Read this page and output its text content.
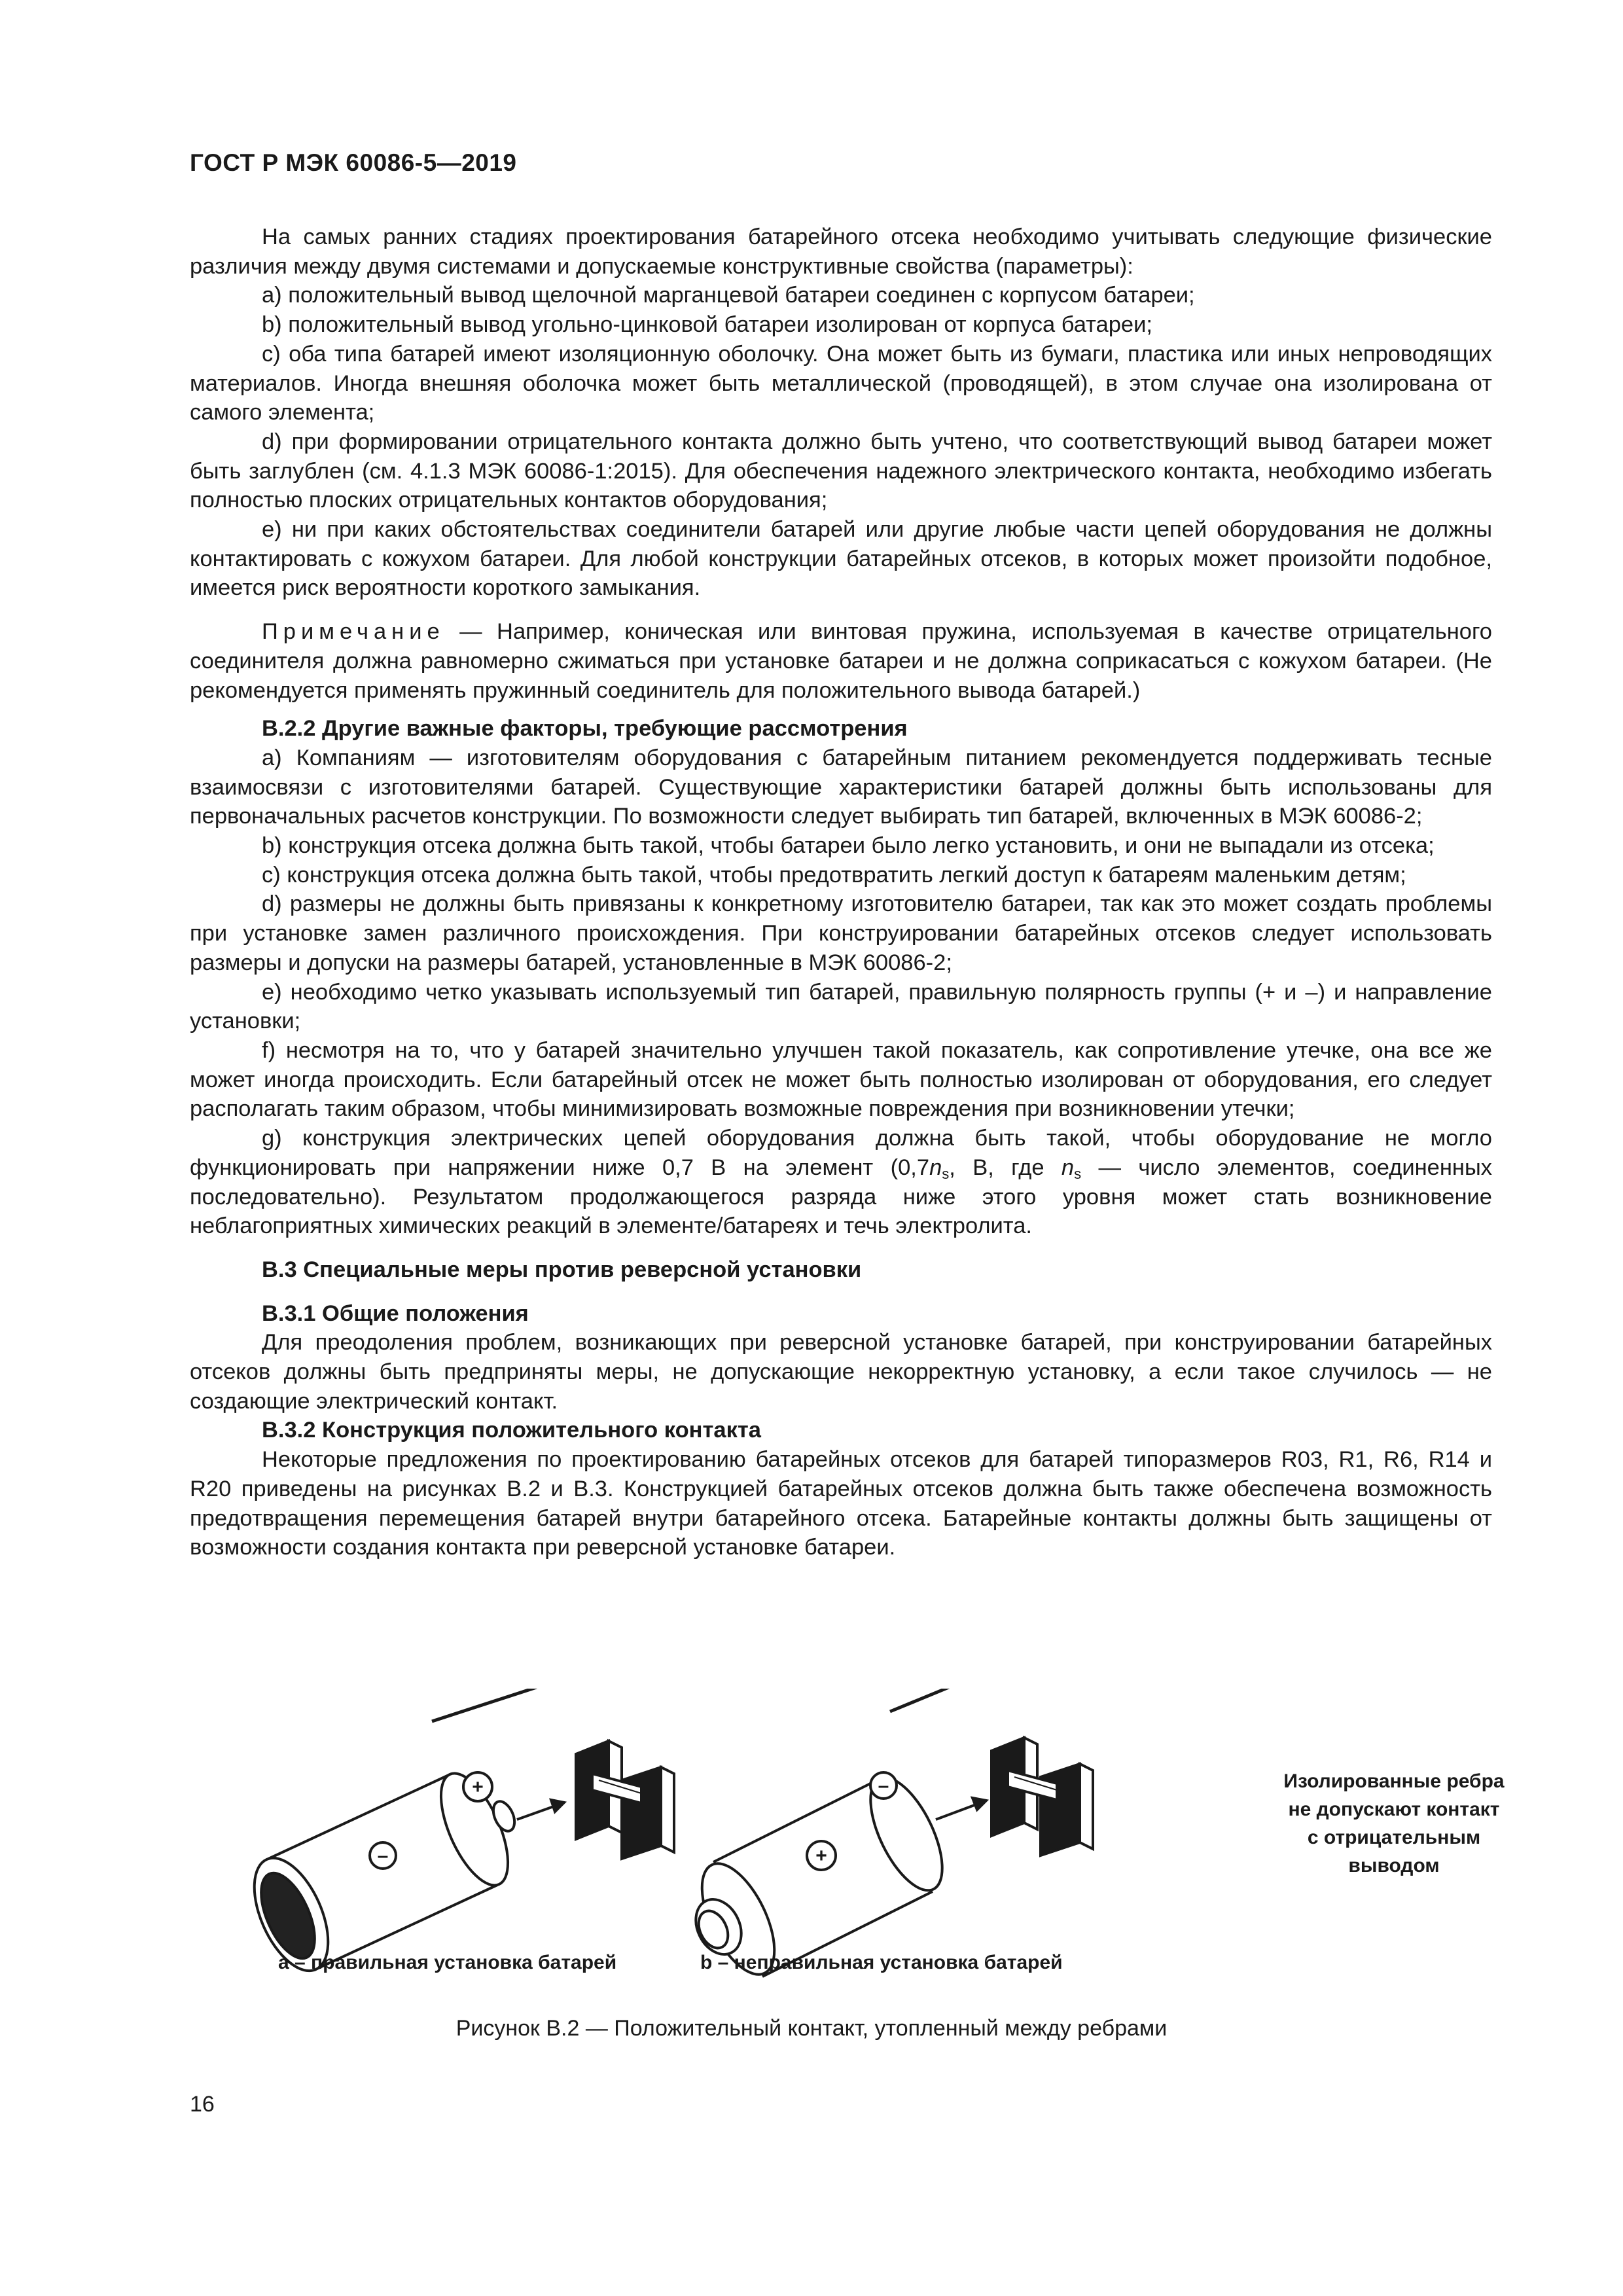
ГОСТ Р МЭК 60086-5—2019

На самых ранних стадиях проектирования батарейного отсека необходимо учитывать следующие физические различия между двумя системами и допускаемые конструктивные свойства (параметры):

a) положительный вывод щелочной марганцевой батареи соединен с корпусом батареи;

b) положительный вывод угольно-цинковой батареи изолирован от корпуса батареи;

c) оба типа батарей имеют изоляционную оболочку. Она может быть из бумаги, пластика или иных непроводящих материалов. Иногда внешняя оболочка может быть металлической (проводящей), в этом случае она изолирована от самого элемента;

d) при формировании отрицательного контакта должно быть учтено, что соответствующий вывод батареи может быть заглублен (см. 4.1.3 МЭК 60086-1:2015). Для обеспечения надежного электрического контакта, необходимо избегать полностью плоских отрицательных контактов оборудования;

e) ни при каких обстоятельствах соединители батарей или другие любые части цепей оборудования не должны контактировать с кожухом батареи. Для любой конструкции батарейных отсеков, в которых может произойти подобное, имеется риск вероятности короткого замыкания.

Примечание — Например, коническая или винтовая пружина, используемая в качестве отрицательного соединителя должна равномерно сжиматься при установке батареи и не должна соприкасаться с кожухом батареи. (Не рекомендуется применять пружинный соединитель для положительного вывода батарей.)

В.2.2 Другие важные факторы, требующие рассмотрения

a) Компаниям — изготовителям оборудования с батарейным питанием рекомендуется поддерживать тесные взаимосвязи с изготовителями батарей. Существующие характеристики батарей должны быть использованы для первоначальных расчетов конструкции. По возможности следует выбирать тип батарей, включенных в МЭК 60086-2;

b) конструкция отсека должна быть такой, чтобы батареи было легко установить, и они не выпадали из отсека;

c) конструкция отсека должна быть такой, чтобы предотвратить легкий доступ к батареям маленьким детям;

d) размеры не должны быть привязаны к конкретному изготовителю батареи, так как это может создать проблемы при установке замен различного происхождения. При конструировании батарейных отсеков следует использовать размеры и допуски на размеры батарей, установленные в МЭК 60086-2;

e) необходимо четко указывать используемый тип батарей, правильную полярность группы (+ и –) и направление установки;

f) несмотря на то, что у батарей значительно улучшен такой показатель, как сопротивление утечке, она все же может иногда происходить. Если батарейный отсек не может быть полностью изолирован от оборудования, его следует располагать таким образом, чтобы минимизировать возможные повреждения при возникновении утечки;

g) конструкция электрических цепей оборудования должна быть такой, чтобы оборудование не могло функционировать при напряжении ниже 0,7 В на элемент ($0,7n_s$, В, где $n_s$ — число элементов, соединенных последовательно). Результатом продолжающегося разряда ниже этого уровня может стать возникновение неблагоприятных химических реакций в элементе/батареях и течь электролита.

В.3 Специальные меры против реверсной установки

В.3.1 Общие положения

Для преодоления проблем, возникающих при реверсной установке батарей, при конструировании батарейных отсеков должны быть предприняты меры, не допускающие некорректную установку, а если такое случилось — не создающие электрический контакт.

В.3.2 Конструкция положительного контакта

Некоторые предложения по проектированию батарейных отсеков для батарей типоразмеров R03, R1, R6, R14 и R20 приведены на рисунках В.2 и В.3. Конструкцией батарейных отсеков должна быть также обеспечена возможность предотвращения перемещения батарей внутри батарейного отсека. Батарейные контакты должны быть защищены от возможности создания контакта при реверсной установке батареи.

+
–
–
+
Изолированные ребра
не допускают контакт
с отрицательным выводом
а – правильная установка батарей	b – неправильная установка батарей
Рисунок В.2 — Положительный контакт, утопленный между ребрами
16
